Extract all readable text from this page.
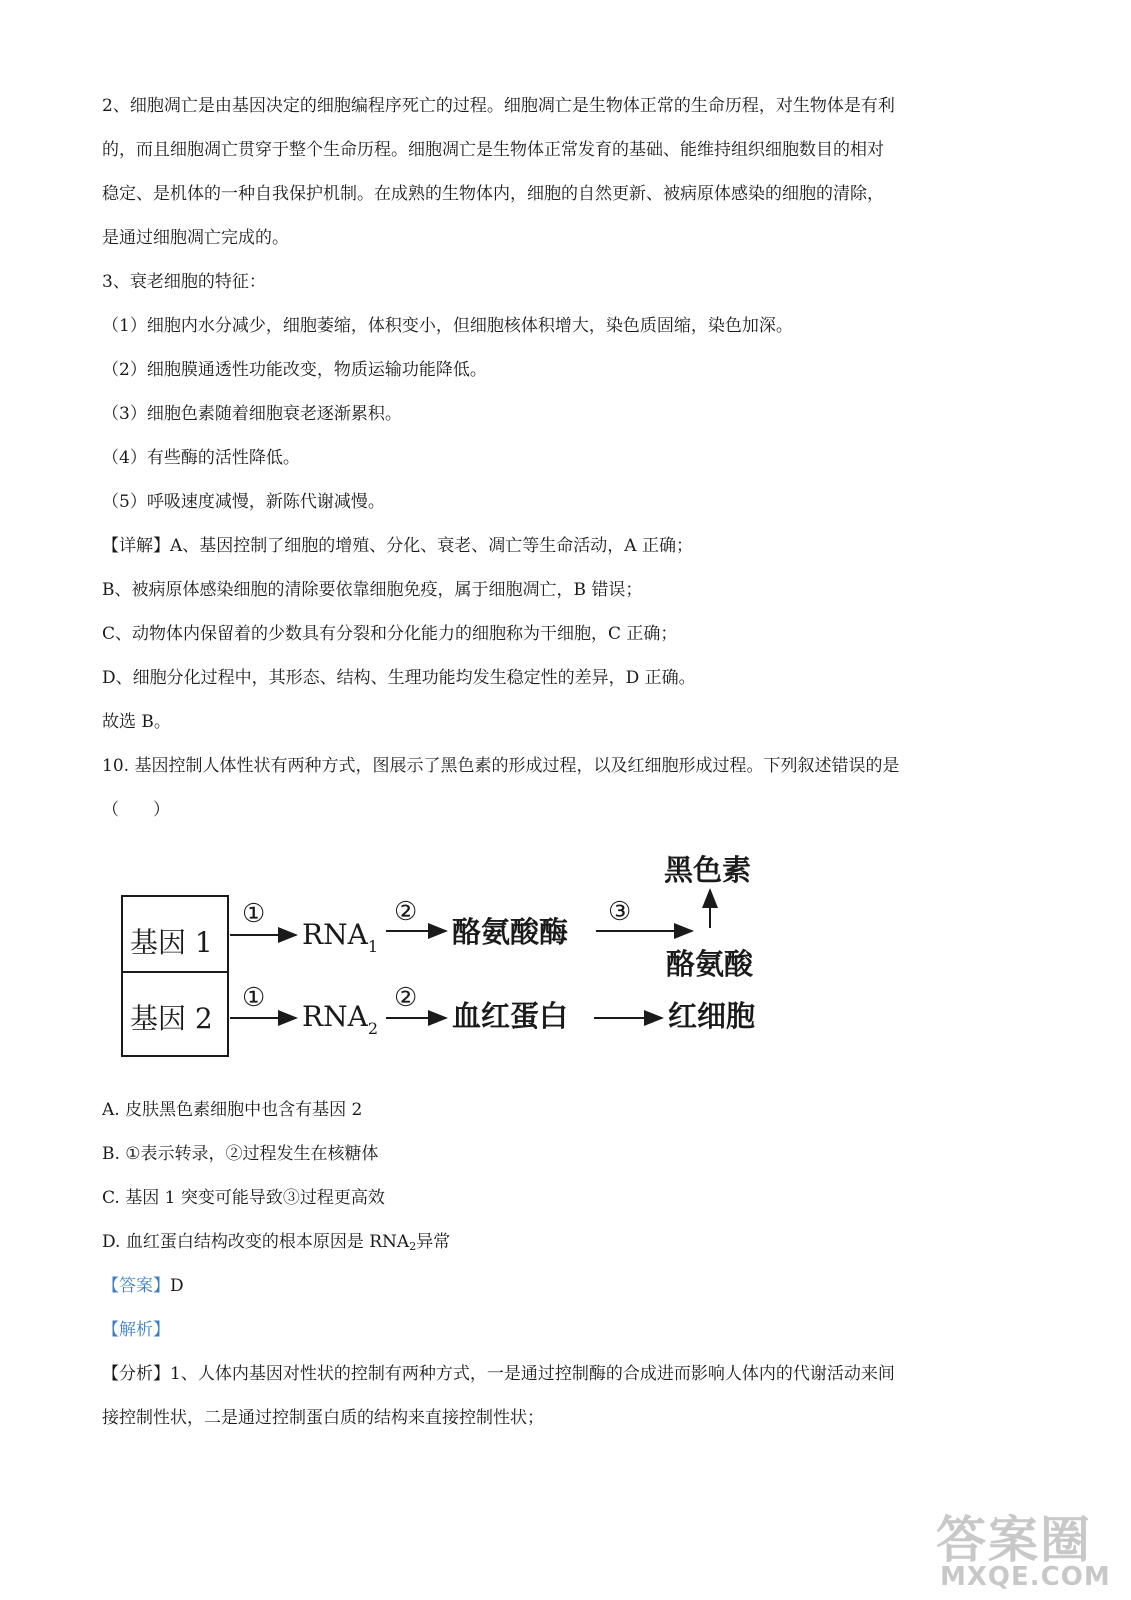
2、细胞凋亡是由基因决定的细胞编程序死亡的过程。细胞凋亡是生物体正常的生命历程，对生物体是有利
的，而且细胞凋亡贯穿于整个生命历程。细胞凋亡是生物体正常发育的基础、能维持组织细胞数目的相对
稳定、是机体的一种自我保护机制。在成熟的生物体内，细胞的自然更新、被病原体感染的细胞的清除，
是通过细胞凋亡完成的。
3、衰老细胞的特征：
（1）细胞内水分减少，细胞萎缩，体积变小，但细胞核体积增大，染色质固缩，染色加深。
（2）细胞膜通透性功能改变，物质运输功能降低。
（3）细胞色素随着细胞衰老逐渐累积。
（4）有些酶的活性降低。
（5）呼吸速度减慢，新陈代谢减慢。
【详解】A、基因控制了细胞的增殖、分化、衰老、凋亡等生命活动，A 正确；
B、被病原体感染细胞的清除要依靠细胞免疫，属于细胞凋亡，B 错误；
C、动物体内保留着的少数具有分裂和分化能力的细胞称为干细胞，C 正确；
D、细胞分化过程中，其形态、结构、生理功能均发生稳定性的差异，D 正确。
故选 B。
10. 基因控制人体性状有两种方式，图展示了黑色素的形成过程，以及红细胞形成过程。下列叙述错误的是
（　　）
基因 1
基因 2
①
$RNA_1$
②
酪氨酸酶
③
黑色素
酪氨酸
①
$RNA_2$
②
血红蛋白	红细胞
A. 皮肤黑色素细胞中也含有基因 2
B. ①表示转录，②过程发生在核糖体
C. 基因 1 突变可能导致③过程更高效
D. 血红蛋白结构改变的根本原因是 $RNA_2$异常
【答案】D
【解析】
【分析】1、人体内基因对性状的控制有两种方式，一是通过控制酶的合成进而影响人体内的代谢活动来间
接控制性状，二是通过控制蛋白质的结构来直接控制性状；
答案圈
MXQE.COM
